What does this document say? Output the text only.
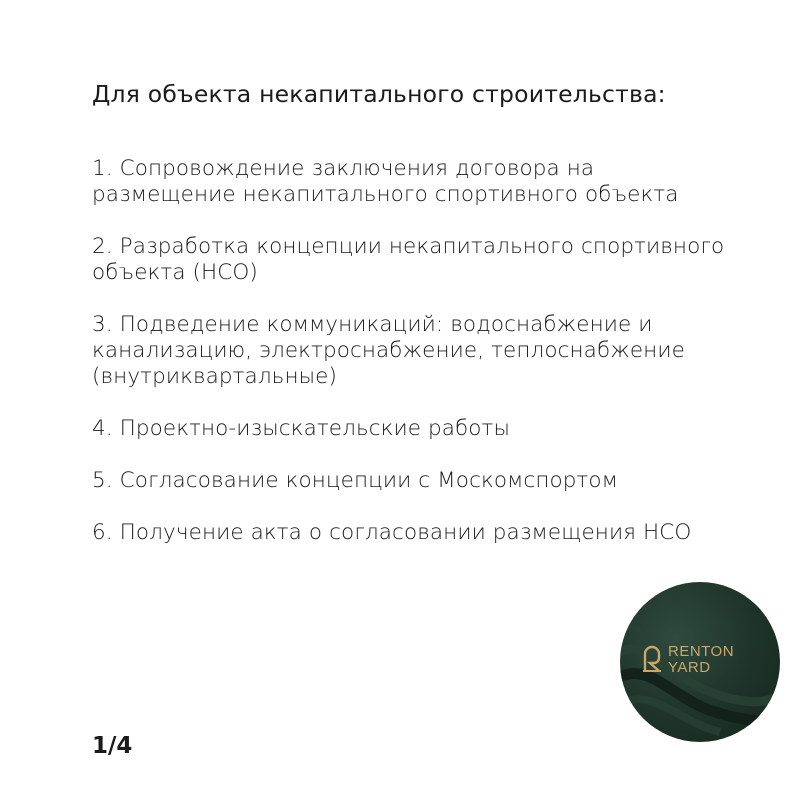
Для объекта некапитального строительства:
1. Сопровождение заключения договора на размещение некапитального спортивного объекта
2. Разработка концепции некапитального спортивного объекта (НСО)
3. Подведение коммуникаций: водоснабжение и канализацию, электроснабжение, теплоснабжение (внутриквартальные)
4. Проектно-изыскательские работы
5. Согласование концепции с Москомспортом
6. Получение акта о согласовании размещения НСО
RENTON
YARD
1/4
